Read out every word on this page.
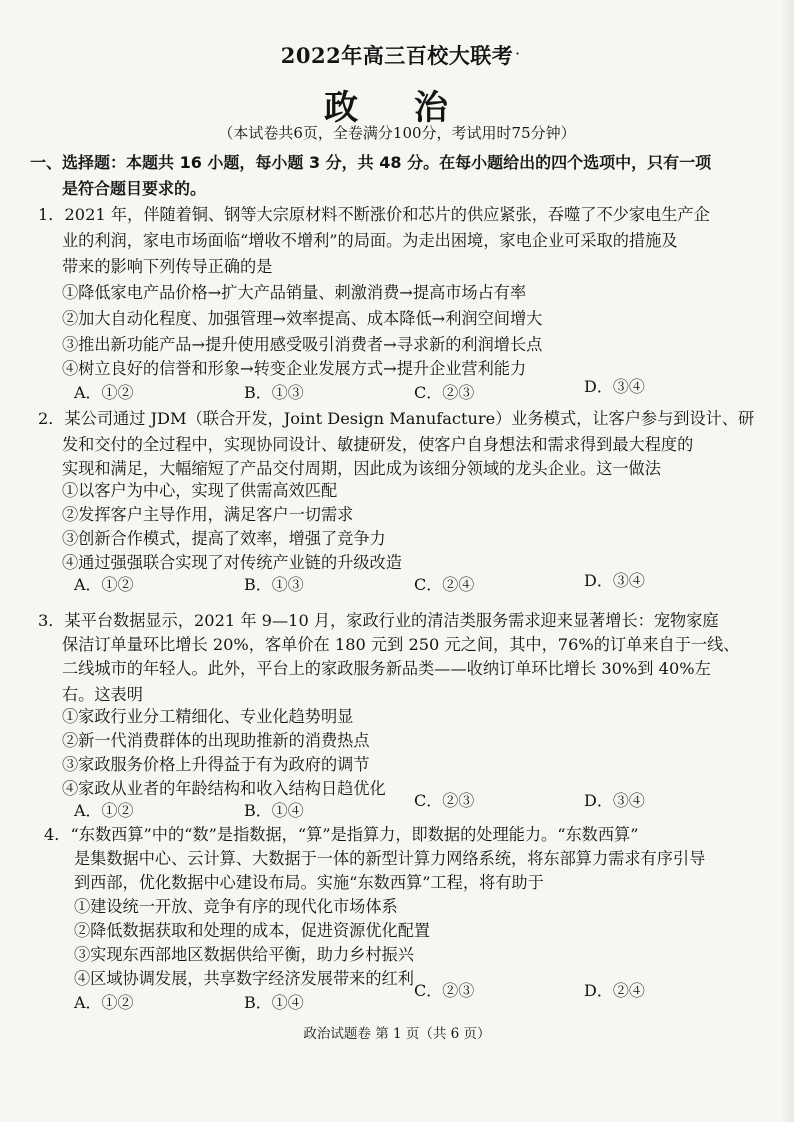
2022年高三百校大联考 ·
政 治
（本试卷共6页，全卷满分100分，考试用时75分钟）
一、选择题：本题共 16 小题，每小题 3 分，共 48 分。在每小题给出的四个选项中，只有一项
是符合题目要求的。
1．2021 年，伴随着铜、钢等大宗原材料不断涨价和芯片的供应紧张，吞噬了不少家电生产企
业的利润，家电市场面临“增收不增利”的局面。为走出困境，家电企业可采取的措施及
带来的影响下列传导正确的是
①降低家电产品价格→扩大产品销量、刺激消费→提高市场占有率
②加大自动化程度、加强管理→效率提高、成本降低→利润空间增大
③推出新功能产品→提升使用感受吸引消费者→寻求新的利润增长点
④树立良好的信誉和形象→转变企业发展方式→提升企业营利能力
A．①②	B．①③	C．②③	D．③④
2．某公司通过 JDM（联合开发，Joint Design Manufacture）业务模式，让客户参与到设计、研
发和交付的全过程中，实现协同设计、敏捷研发，使客户自身想法和需求得到最大程度的
实现和满足，大幅缩短了产品交付周期，因此成为该细分领域的龙头企业。这一做法
①以客户为中心，实现了供需高效匹配
②发挥客户主导作用，满足客户一切需求
③创新合作模式，提高了效率，增强了竞争力
④通过强强联合实现了对传统产业链的升级改造
A．①②	B．①③	C．②④	D．③④
3．某平台数据显示，2021 年 9—10 月，家政行业的清洁类服务需求迎来显著增长：宠物家庭
保洁订单量环比增长 20%，客单价在 180 元到 250 元之间，其中，76%的订单来自于一线、
二线城市的年轻人。此外，平台上的家政服务新品类——收纳订单环比增长 30%到 40%左
右。这表明
①家政行业分工精细化、专业化趋势明显
②新一代消费群体的出现助推新的消费热点
③家政服务价格上升得益于有为政府的调节
④家政从业者的年龄结构和收入结构日趋优化
A．①②	B．①④
C．②③	D．③④
4．“东数西算”中的“数”是指数据，“算”是指算力，即数据的处理能力。“东数西算”
是集数据中心、云计算、大数据于一体的新型计算力网络系统，将东部算力需求有序引导
到西部，优化数据中心建设布局。实施“东数西算”工程，将有助于
①建设统一开放、竞争有序的现代化市场体系
②降低数据获取和处理的成本，促进资源优化配置
③实现东西部地区数据供给平衡，助力乡村振兴
④区域协调发展，共享数字经济发展带来的红利
A．①②	B．①④
C．②③	D．②④
政治试题卷 第 1 页（共 6 页）
